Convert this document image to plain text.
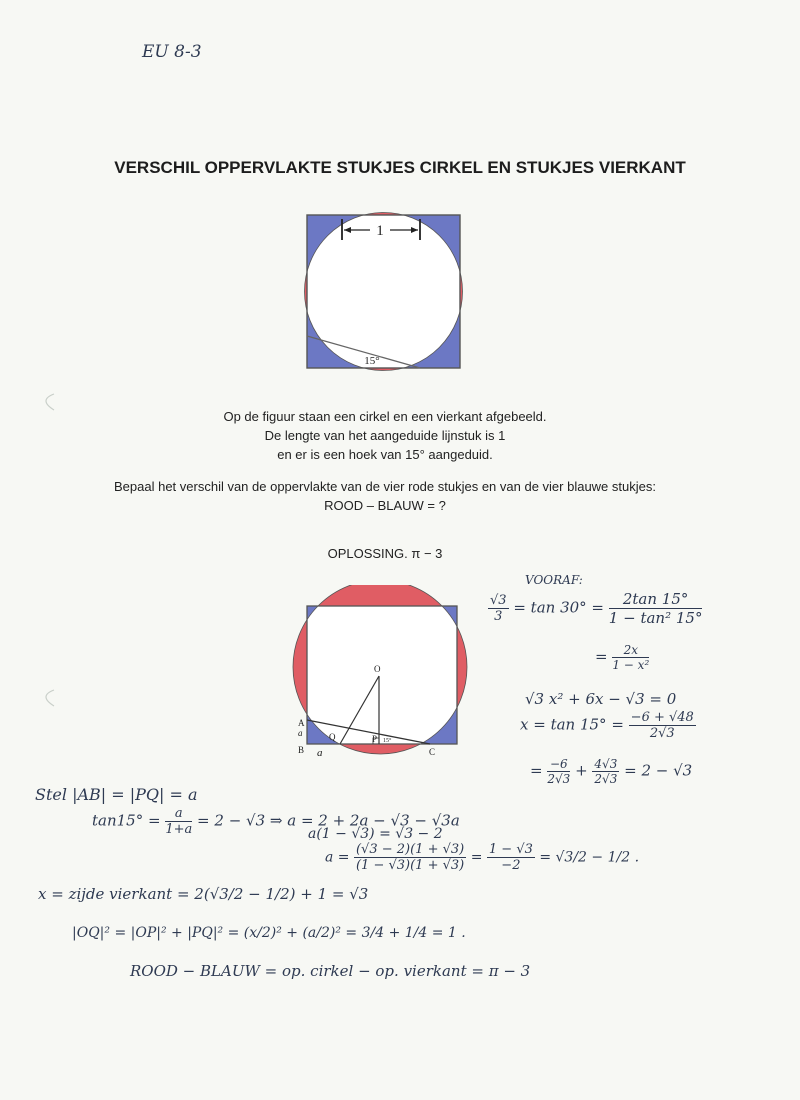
EU 8-3
VERSCHIL OPPERVLAKTE STUKJES CIRKEL EN STUKJES VIERKANT
1
15°
Op de figuur staan een cirkel en een vierkant afgebeeld.
De lengte van het aangeduide lijnstuk is 1
en er is een hoek van 15° aangeduid.
Bepaal het verschil van de oppervlakte van de vier rode stukjes en van de vier blauwe stukjes:
ROOD – BLAUW = ?
OPLOSSING. π − 3
O
A
a
B a
Q	P 15°
C
VOORAF:
$\frac{√3}{3} = \tan 30^\circ = \frac{2\tan 15^\circ}{\text{1 − tan² 15°}}$
= $\frac{2x}{\text{1 − x²}}$
√3 x² + 6x − √3 = 0
$x = \tan 15^\circ = \frac{-6 + √48}{2√3}$
= $\frac{-6}{2√3} + \frac{4√3}{2√3} = 2 - √3$
Stel |AB| = |PQ| = a
$\tan 15^\circ = \frac{a}{1+a} = 2 - √3$ ⇒ a = 2 + 2a − √3 − √3a
a(1 − √3) = √3 − 2
$a = \frac{(√3 - 2)(1 + √3)}{(1 - √3)(1 + √3)} = \frac{1 - √3}{-2} = √3/2 - 1/2$ .
x = zijde vierkant = 2(√3/2 − 1/2) + 1 = √3
|OQ|² = |OP|² + |PQ|² = (x/2)² + (a/2)² = 3/4 + 1/4 = 1 .
ROOD − BLAUW = op. cirkel − op. vierkant = π − 3
